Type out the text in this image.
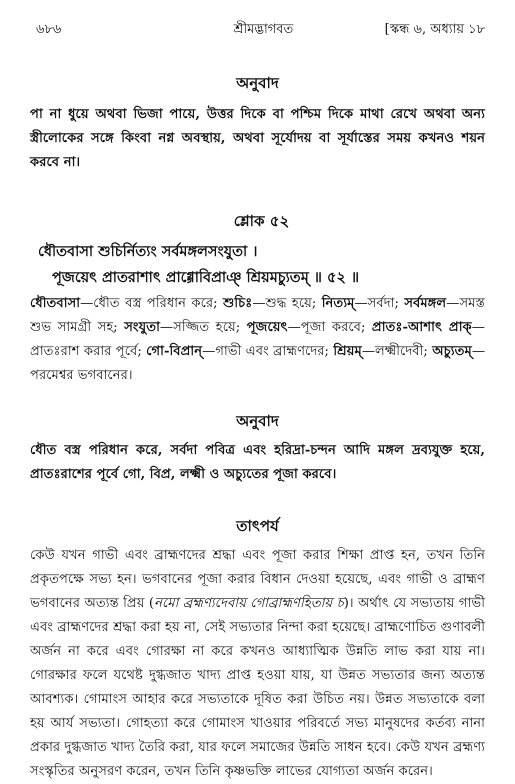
৬৮৬	শ্রীমদ্ভাগবত	[স্কন্ধ ৬, অধ্যায় ১৮

অনুবাদ

পা না ধুয়ে অথবা ভিজা পায়ে, উত্তর দিকে বা পশ্চিম দিকে মাথা রেখে অথবা অন্য স্ত্রীলোকের সঙ্গে কিংবা নগ্ন অবস্থায়, অথবা সূর্যোদয় বা সূর্যাস্তের সময় কখনও শয়ন করবে না।

শ্লোক ৫২

ধৌতবাসা শুচির্নিত্যং সর্বমঙ্গলসংযুতা ।

পূজয়েৎ প্রাতরাশাৎ প্রাগ্গোবিপ্রাঞ্ শ্রিয়মচ্যুতম্ ॥ ৫২ ॥

ধৌতবাসা—ধৌত বস্ত্র পরিধান করে; শুচিঃ—শুদ্ধ হয়ে; নিত্যম্—সর্বদা; সর্বমঙ্গল—সমস্ত শুভ সামগ্রী সহ; সংযুতা—সজ্জিত হয়ে; পূজয়েৎ—পূজা করবে; প্রাতঃ-আশাৎ প্রাক্—প্রাতঃরাশ করার পূর্বে; গো-বিপ্রান্—গাভী এবং ব্রাহ্মণদের; শ্রিয়ম্—লক্ষ্মীদেবী; অচ্যুতম্—পরমেশ্বর ভগবানের।

অনুবাদ

ধৌত বস্ত্র পরিধান করে, সর্বদা পবিত্র এবং হরিদ্রা-চন্দন আদি মঙ্গল দ্রব্যযুক্ত হয়ে, প্রাতঃরাশের পূর্বে গো, বিপ্র, লক্ষ্মী ও অচ্যুতের পূজা করবে।

তাৎপর্য

কেউ যখন গাভী এবং ব্রাহ্মণদের শ্রদ্ধা এবং পূজা করার শিক্ষা প্রাপ্ত হন, তখন তিনি প্রকৃতপক্ষে সভ্য হন। ভগবানের পূজা করার বিধান দেওয়া হয়েছে, এবং গাভী ও ব্রাহ্মণ ভগবানের অত্যন্ত প্রিয় (নমো ব্রহ্মণ্যদেবায় গোব্রাহ্মণহিতায় চ)। অর্থাৎ যে সভ্যতায় গাভী এবং ব্রাহ্মণদের শ্রদ্ধা করা হয় না, সেই সভ্যতার নিন্দা করা হয়েছে। ব্রাহ্মণোচিত গুণাবলী অর্জন না করে এবং গোরক্ষা না করে কখনও আধ্যাত্মিক উন্নতি লাভ করা যায় না। গোরক্ষার ফলে যথেষ্ট দুগ্ধজাত খাদ্য প্রাপ্ত হওয়া যায়, যা উন্নত সভ্যতার জন্য অত্যন্ত আবশ্যক। গোমাংস আহার করে সভ্যতাকে দূষিত করা উচিত নয়। উন্নত সভ্যতাকে বলা হয় আর্য সভ্যতা। গোহত্যা করে গোমাংস খাওয়ার পরিবর্তে সভ্য মানুষদের কর্তব্য নানা প্রকার দুগ্ধজাত খাদ্য তৈরি করা, যার ফলে সমাজের উন্নতি সাধন হবে। কেউ যখন ব্রহ্মণ্য সংস্কৃতির অনুসরণ করেন, তখন তিনি কৃষ্ণভক্তি লাভের যোগ্যতা অর্জন করেন।
